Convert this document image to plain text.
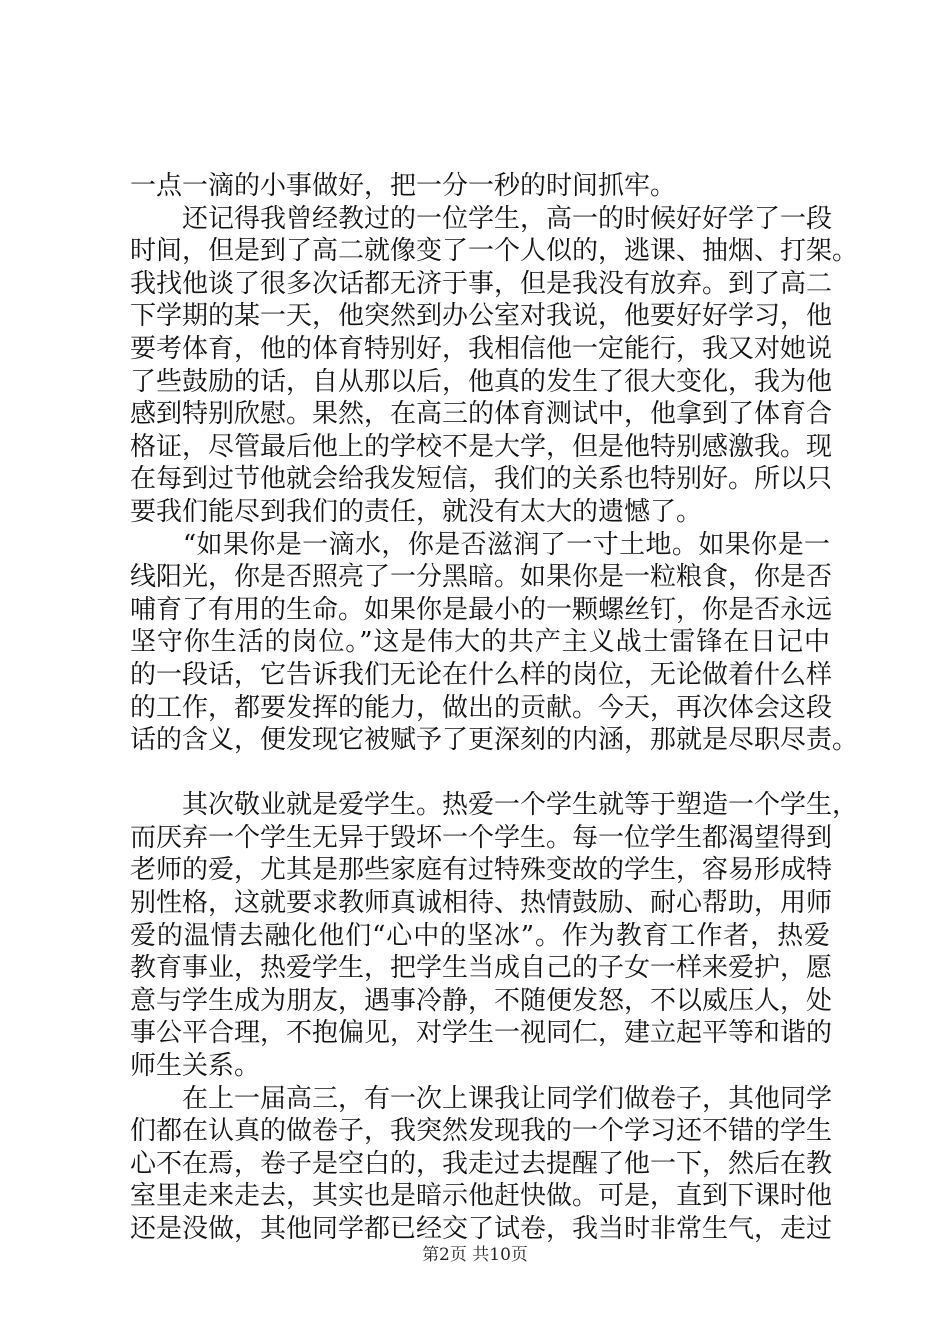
一点一滴的小事做好，把一分一秒的时间抓牢。
　　还记得我曾经教过的一位学生，高一的时候好好学了一段
时间，但是到了高二就像变了一个人似的，逃课、抽烟、打架。
我找他谈了很多次话都无济于事，但是我没有放弃。到了高二
下学期的某一天，他突然到办公室对我说，他要好好学习，他
要考体育，他的体育特别好，我相信他一定能行，我又对她说
了些鼓励的话，自从那以后，他真的发生了很大变化，我为他
感到特别欣慰。果然，在高三的体育测试中，他拿到了体育合
格证，尽管最后他上的学校不是大学，但是他特别感激我。现
在每到过节他就会给我发短信，我们的关系也特别好。所以只
要我们能尽到我们的责任，就没有太大的遗憾了。
　　“如果你是一滴水，你是否滋润了一寸土地。如果你是一
线阳光，你是否照亮了一分黑暗。如果你是一粒粮食，你是否
哺育了有用的生命。如果你是最小的一颗螺丝钉，你是否永远
坚守你生活的岗位。”这是伟大的共产主义战士雷锋在日记中
的一段话，它告诉我们无论在什么样的岗位，无论做着什么样
的工作，都要发挥的能力，做出的贡献。今天，再次体会这段
话的含义，便发现它被赋予了更深刻的内涵，那就是尽职尽责。
　　其次敬业就是爱学生。热爱一个学生就等于塑造一个学生，
而厌弃一个学生无异于毁坏一个学生。每一位学生都渴望得到
老师的爱，尤其是那些家庭有过特殊变故的学生，容易形成特
别性格，这就要求教师真诚相待、热情鼓励、耐心帮助，用师
爱的温情去融化他们“心中的坚冰”。作为教育工作者，热爱
教育事业，热爱学生，把学生当成自己的子女一样来爱护，愿
意与学生成为朋友，遇事冷静，不随便发怒，不以威压人，处
事公平合理，不抱偏见，对学生一视同仁，建立起平等和谐的
师生关系。
　　在上一届高三，有一次上课我让同学们做卷子，其他同学
们都在认真的做卷子，我突然发现我的一个学习还不错的学生
心不在焉，卷子是空白的，我走过去提醒了他一下，然后在教
室里走来走去，其实也是暗示他赶快做。可是，直到下课时他
还是没做，其他同学都已经交了试卷，我当时非常生气，走过
第2页 共10页
